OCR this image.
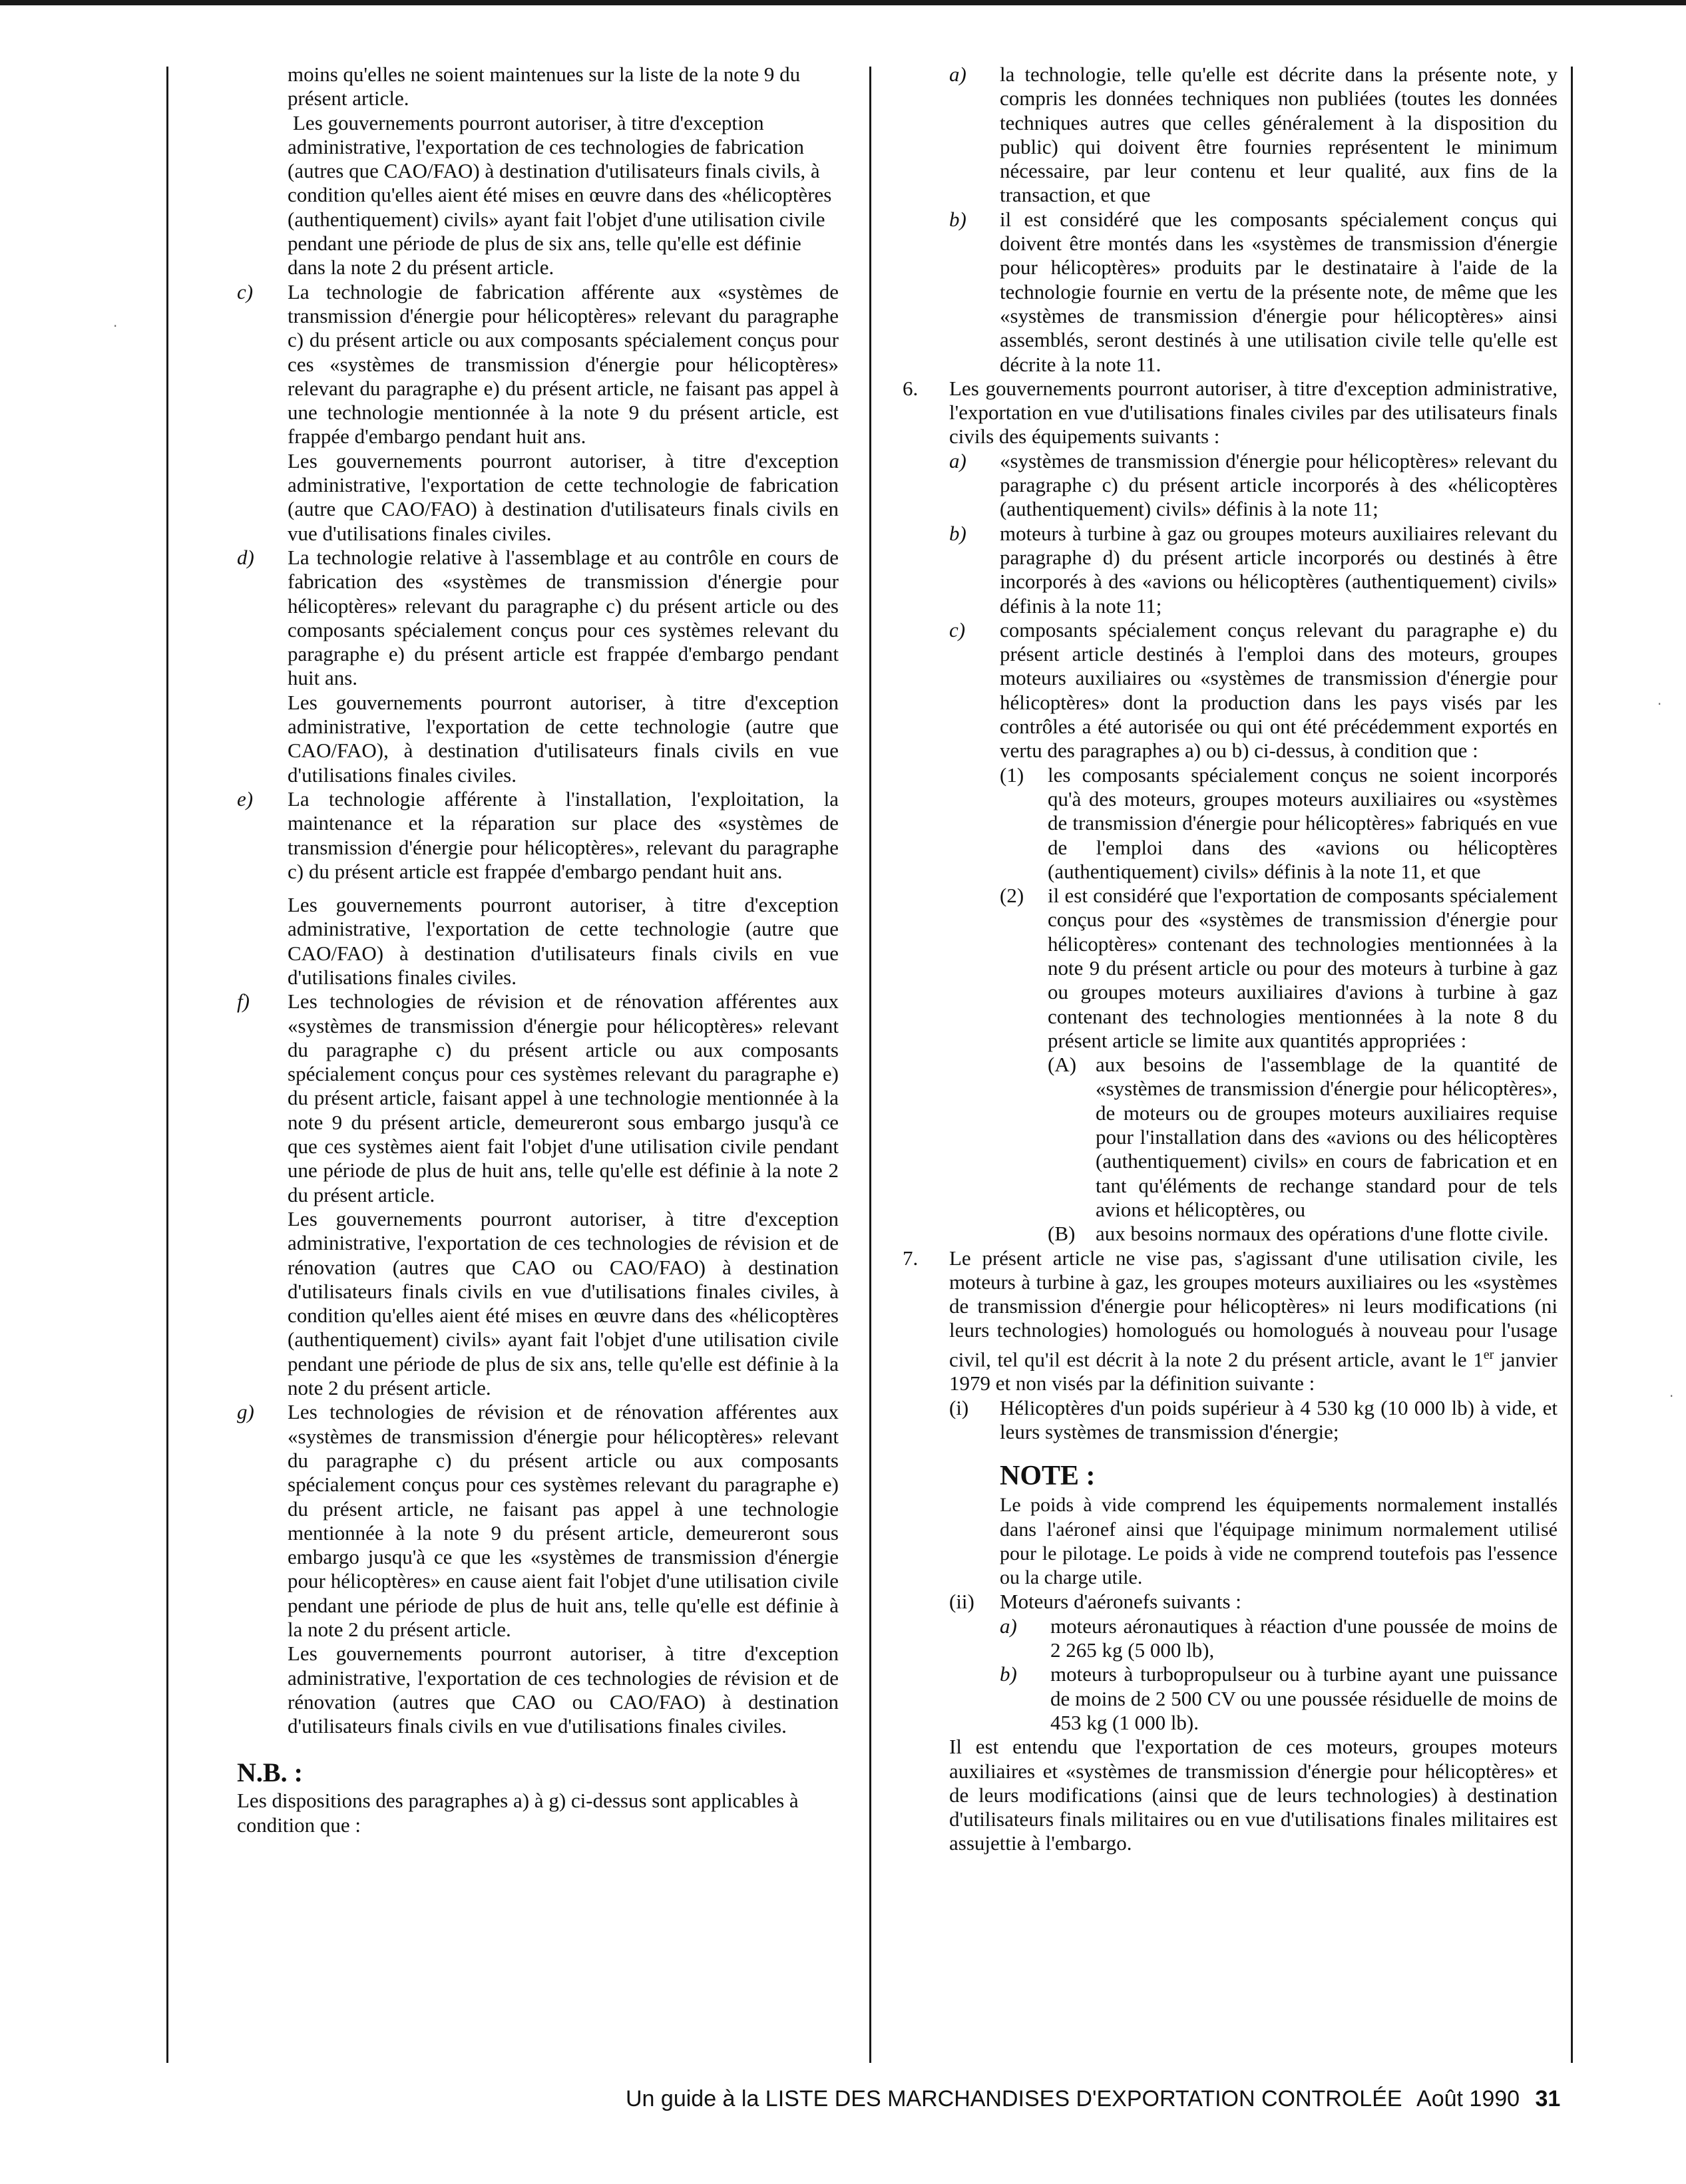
·
·
·
moins qu'elles ne soient maintenues sur la liste de la note 9 du présent article.
Les gouvernements pourront autoriser, à titre d'exception administrative, l'exportation de ces technologies de fabrication (autres que CAO/FAO) à destination d'utilisateurs finals civils, à condition qu'elles aient été mises en œuvre dans des «hélicoptères (authentiquement) civils» ayant fait l'objet d'une utilisation civile pendant une période de plus de six ans, telle qu'elle est définie dans la note 2 du présent article.
c)	La technologie de fabrication afférente aux «systèmes de transmission d'énergie pour hélicoptères» relevant du paragraphe c) du présent article ou aux composants spécialement conçus pour ces «systèmes de transmission d'énergie pour hélicoptères» relevant du paragraphe e) du présent article, ne faisant pas appel à une technologie mentionnée à la note 9 du présent article, est frappée d'embargo pendant huit ans.
Les gouvernements pourront autoriser, à titre d'exception administrative, l'exportation de cette technologie de fabrication (autre que CAO/FAO) à destination d'utilisateurs finals civils en vue d'utilisations finales civiles.
d)	La technologie relative à l'assemblage et au contrôle en cours de fabrication des «systèmes de transmission d'énergie pour hélicoptères» relevant du paragraphe c) du présent article ou des composants spécialement conçus pour ces systèmes relevant du paragraphe e) du présent article est frappée d'embargo pendant huit ans.
Les gouvernements pourront autoriser, à titre d'exception administrative, l'exportation de cette technologie (autre que CAO/FAO), à destination d'utilisateurs finals civils en vue d'utilisations finales civiles.
e)	La technologie afférente à l'installation, l'exploitation, la maintenance et la réparation sur place des «systèmes de transmission d'énergie pour hélicoptères», relevant du paragraphe c) du présent article est frappée d'embargo pendant huit ans.
Les gouvernements pourront autoriser, à titre d'exception administrative, l'exportation de cette technologie (autre que CAO/FAO) à destination d'utilisateurs finals civils en vue d'utilisations finales civiles.
f)	Les technologies de révision et de rénovation afférentes aux «systèmes de transmission d'énergie pour hélicoptères» relevant du paragraphe c) du présent article ou aux composants spécialement conçus pour ces systèmes relevant du paragraphe e) du présent article, faisant appel à une technologie mentionnée à la note 9 du présent article, demeureront sous embargo jusqu'à ce que ces systèmes aient fait l'objet d'une utilisation civile pendant une période de plus de huit ans, telle qu'elle est définie à la note 2 du présent article.
Les gouvernements pourront autoriser, à titre d'exception administrative, l'exportation de ces technologies de révision et de rénovation (autres que CAO ou CAO/FAO) à destination d'utilisateurs finals civils en vue d'utilisations finales civiles, à condition qu'elles aient été mises en œuvre dans des «hélicoptères (authentiquement) civils» ayant fait l'objet d'une utilisation civile pendant une période de plus de six ans, telle qu'elle est définie à la note 2 du présent article.
g)	Les technologies de révision et de rénovation afférentes aux «systèmes de transmission d'énergie pour hélicoptères» relevant du paragraphe c) du présent article ou aux composants spécialement conçus pour ces systèmes relevant du paragraphe e) du présent article, ne faisant pas appel à une technologie mentionnée à la note 9 du présent article, demeureront sous embargo jusqu'à ce que les «systèmes de transmission d'énergie pour hélicoptères» en cause aient fait l'objet d'une utilisation civile pendant une période de plus de huit ans, telle qu'elle est définie à la note 2 du présent article.
Les gouvernements pourront autoriser, à titre d'exception administrative, l'exportation de ces technologies de révision et de rénovation (autres que CAO ou CAO/FAO) à destination d'utilisateurs finals civils en vue d'utilisations finales civiles.
N.B. :
Les dispositions des paragraphes a) à g) ci-dessus sont applicables à condition que :
a)	la technologie, telle qu'elle est décrite dans la présente note, y compris les données techniques non publiées (toutes les données techniques autres que celles généralement à la disposition du public) qui doivent être fournies représentent le minimum nécessaire, par leur contenu et leur qualité, aux fins de la transaction, et que
b)	il est considéré que les composants spécialement conçus qui doivent être montés dans les «systèmes de transmission d'énergie pour hélicoptères» produits par le destinataire à l'aide de la technologie fournie en vertu de la présente note, de même que les «systèmes de transmission d'énergie pour hélicoptères» ainsi assemblés, seront destinés à une utilisation civile telle qu'elle est décrite à la note 11.
6.	Les gouvernements pourront autoriser, à titre d'exception administrative, l'exportation en vue d'utilisations finales civiles par des utilisateurs finals civils des équipements suivants :
a)	«systèmes de transmission d'énergie pour hélicoptères» relevant du paragraphe c) du présent article incorporés à des «hélicoptères (authentiquement) civils» définis à la note 11;
b)	moteurs à turbine à gaz ou groupes moteurs auxiliaires relevant du paragraphe d) du présent article incorporés ou destinés à être incorporés à des «avions ou hélicoptères (authentiquement) civils» définis à la note 11;
c)	composants spécialement conçus relevant du paragraphe e) du présent article destinés à l'emploi dans des moteurs, groupes moteurs auxiliaires ou «systèmes de transmission d'énergie pour hélicoptères» dont la production dans les pays visés par les contrôles a été autorisée ou qui ont été précédemment exportés en vertu des paragraphes a) ou b) ci-dessus, à condition que :
(1)	les composants spécialement conçus ne soient incorporés qu'à des moteurs, groupes moteurs auxiliaires ou «systèmes de transmission d'énergie pour hélicoptères» fabriqués en vue de l'emploi dans des «avions ou hélicoptères (authentiquement) civils» définis à la note 11, et que
(2)	il est considéré que l'exportation de composants spécialement conçus pour des «systèmes de transmission d'énergie pour hélicoptères» contenant des technologies mentionnées à la note 9 du présent article ou pour des moteurs à turbine à gaz ou groupes moteurs auxiliaires d'avions à turbine à gaz contenant des technologies mentionnées à la note 8 du présent article se limite aux quantités appropriées :
(A) aux besoins de l'assemblage de la quantité de «systèmes de transmission d'énergie pour hélicoptères», de moteurs ou de groupes moteurs auxiliaires requise pour l'installation dans des «avions ou des hélicoptères (authentiquement) civils» en cours de fabrication et en tant qu'éléments de rechange standard pour de tels avions et hélicoptères, ou
(B) aux besoins normaux des opérations d'une flotte civile.
7.	Le présent article ne vise pas, s'agissant d'une utilisation civile, les moteurs à turbine à gaz, les groupes moteurs auxiliaires ou les «systèmes de transmission d'énergie pour hélicoptères» ni leurs modifications (ni leurs technologies) homologués ou homologués à nouveau pour l'usage civil, tel qu'il est décrit à la note 2 du présent article, avant le 1er janvier 1979 et non visés par la définition suivante :
(i)	Hélicoptères d'un poids supérieur à 4 530 kg (10 000 lb) à vide, et leurs systèmes de transmission d'énergie;
NOTE :
Le poids à vide comprend les équipements normalement installés dans l'aéronef ainsi que l'équipage minimum normalement utilisé pour le pilotage. Le poids à vide ne comprend toutefois pas l'essence ou la charge utile.
(ii)	Moteurs d'aéronefs suivants :
a)	moteurs aéronautiques à réaction d'une poussée de moins de 2 265 kg (5 000 lb),
b)	moteurs à turbopropulseur ou à turbine ayant une puissance de moins de 2 500 CV ou une poussée résiduelle de moins de 453 kg (1 000 lb).
Il est entendu que l'exportation de ces moteurs, groupes moteurs auxiliaires et «systèmes de transmission d'énergie pour hélicoptères» et de leurs modifications (ainsi que de leurs technologies) à destination d'utilisateurs finals militaires ou en vue d'utilisations finales militaires est assujettie à l'embargo.
Un guide à la LISTE DES MARCHANDISES D'EXPORTATION CONTROLÉE Août 1990 31
